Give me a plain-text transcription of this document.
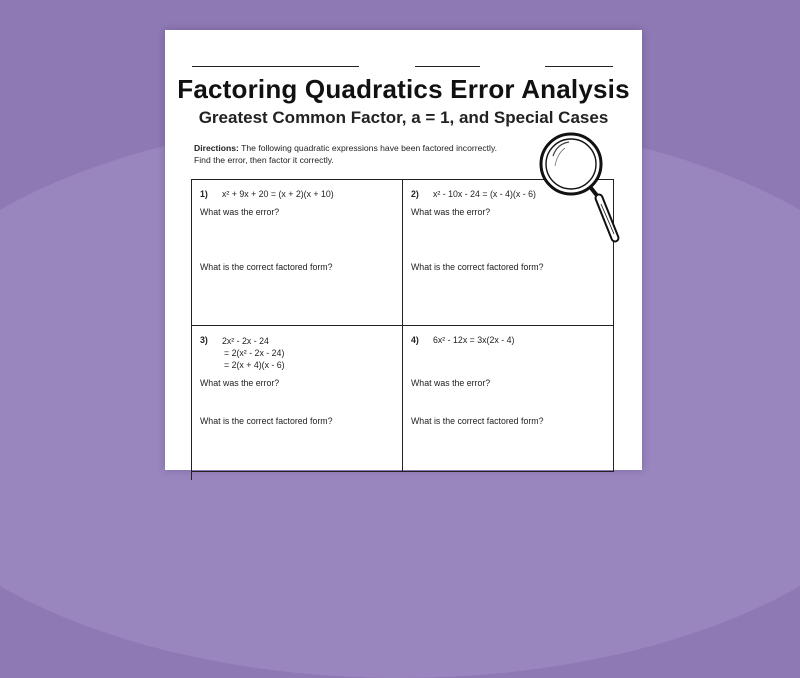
Factoring Quadratics Error Analysis
Greatest Common Factor, a = 1, and Special Cases
Directions: The following quadratic expressions have been factored incorrectly. Find the error, then factor it correctly.
1) x² + 9x + 20 = (x + 2)(x + 10)
What was the error?
What is the correct factored form?
2) x² - 10x - 24 = (x - 4)(x - 6)
What was the error?
What is the correct factored form?
3) 2x² - 2x - 24
= 2(x² - 2x - 24)
= 2(x + 4)(x - 6)
What was the error?
What is the correct factored form?
4) 6x² - 12x = 3x(2x - 4)
What was the error?
What is the correct factored form?
